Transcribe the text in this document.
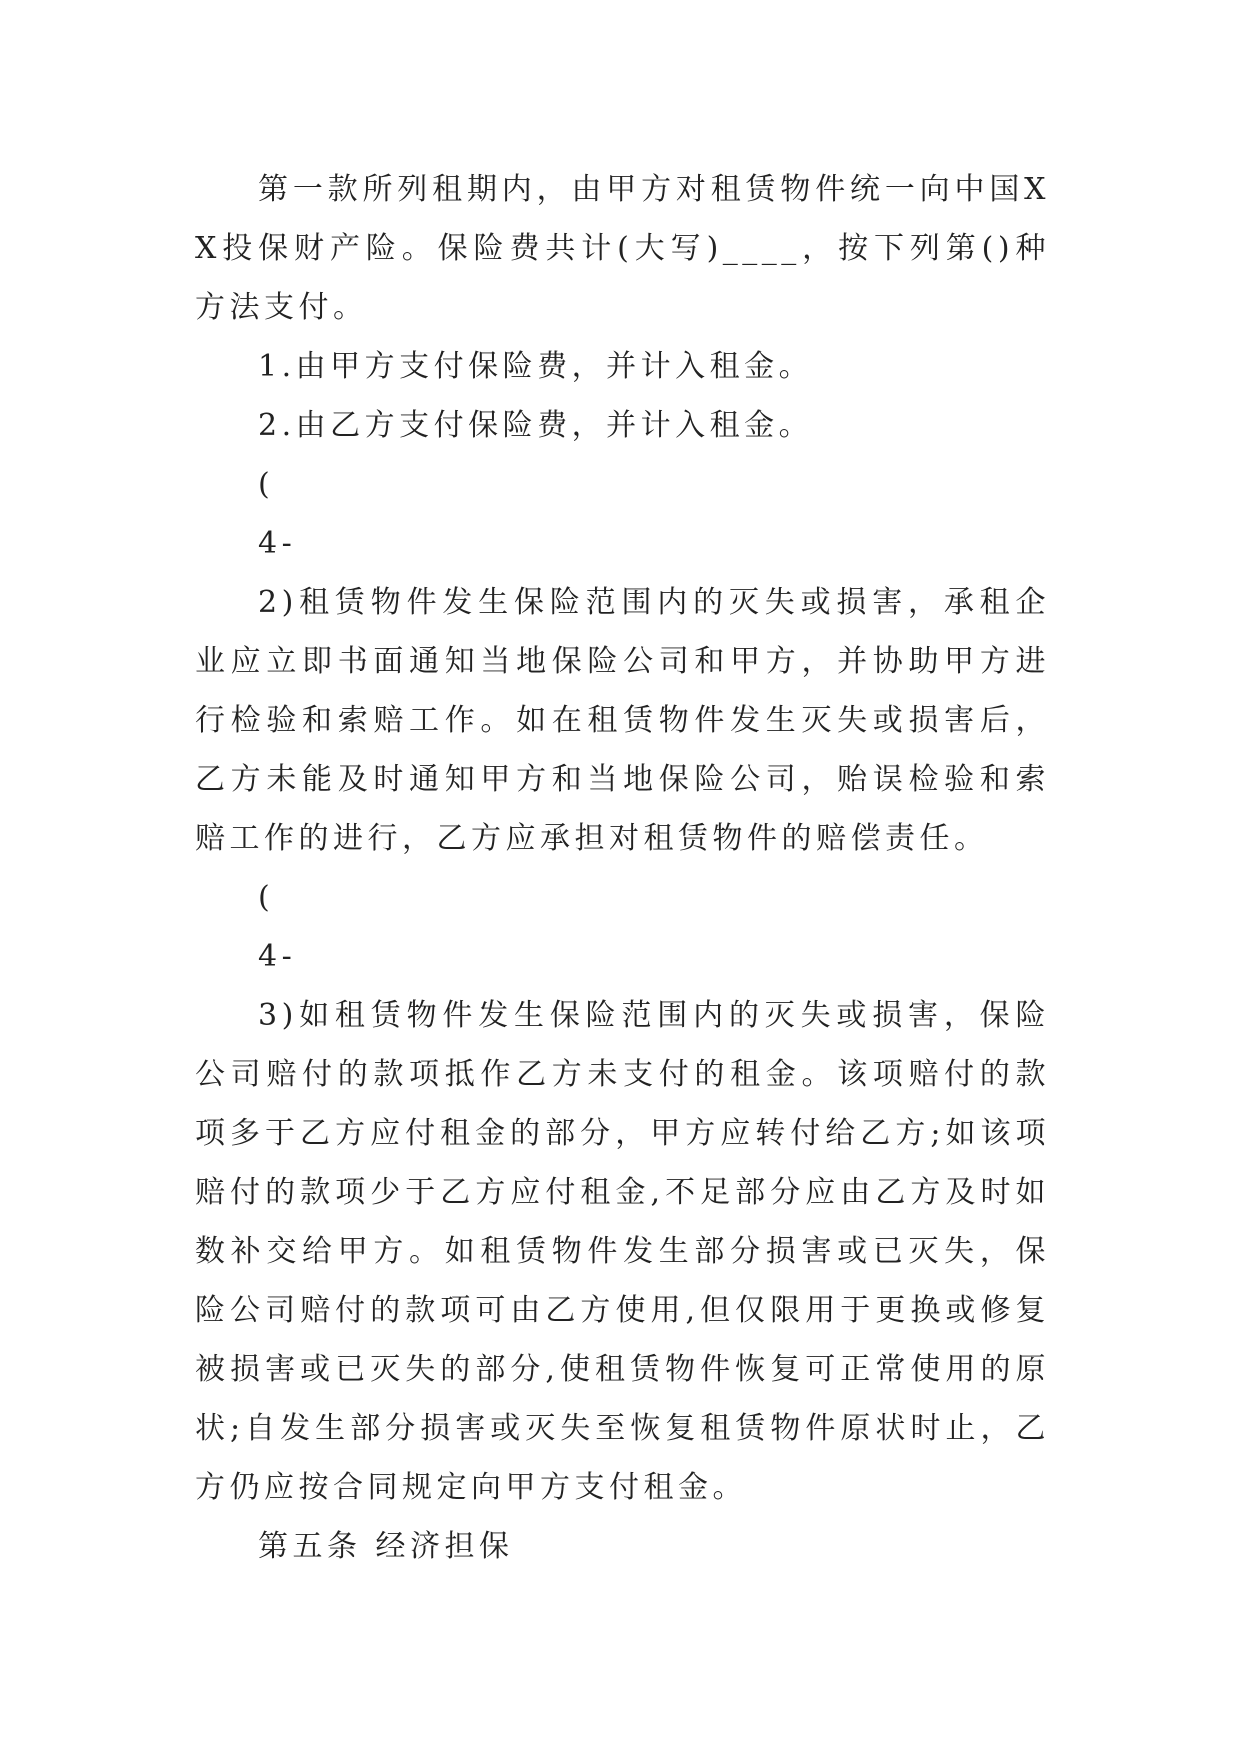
第一款所列租期内，由甲方对租赁物件统一向中国XX投保财产险。保险费共计(大写)____，按下列第()种方法支付。

1.由甲方支付保险费，并计入租金。

2.由乙方支付保险费，并计入租金。

(

4-

2)租赁物件发生保险范围内的灭失或损害，承租企业应立即书面通知当地保险公司和甲方，并协助甲方进行检验和索赔工作。如在租赁物件发生灭失或损害后，乙方未能及时通知甲方和当地保险公司，贻误检验和索赔工作的进行，乙方应承担对租赁物件的赔偿责任。

(

4-

3)如租赁物件发生保险范围内的灭失或损害，保险公司赔付的款项抵作乙方未支付的租金。该项赔付的款项多于乙方应付租金的部分，甲方应转付给乙方;如该项赔付的款项少于乙方应付租金,不足部分应由乙方及时如数补交给甲方。如租赁物件发生部分损害或已灭失，保险公司赔付的款项可由乙方使用,但仅限用于更换或修复被损害或已灭失的部分,使租赁物件恢复可正常使用的原状;自发生部分损害或灭失至恢复租赁物件原状时止，乙方仍应按合同规定向甲方支付租金。

第五条 经济担保
